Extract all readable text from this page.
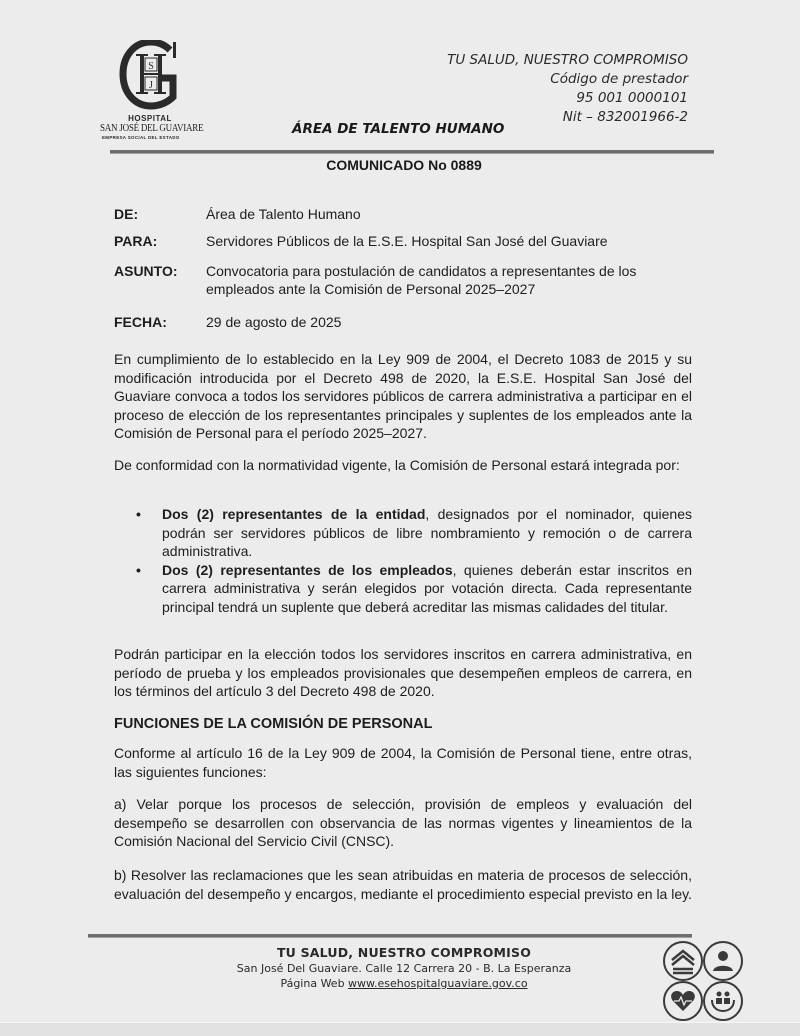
S
J
HOSPITAL
SAN JOSÉ DEL GUAVIARE
EMPRESA SOCIAL DEL ESTADO
TU SALUD, NUESTRO COMPROMISO
Código de prestador
95 001 0000101
Nit – 832001966-2
ÁREA DE TALENTO HUMANO
COMUNICADO No 0889
DE:	Área de Talento Humano
PARA:	Servidores Públicos de la E.S.E. Hospital San José del Guaviare
ASUNTO:	Convocatoria para postulación de candidatos a representantes de los empleados ante la Comisión de Personal 2025–2027
FECHA:	29 de agosto de 2025
En cumplimiento de lo establecido en la Ley 909 de 2004, el Decreto 1083 de 2015 y su modificación introducida por el Decreto 498 de 2020, la E.S.E. Hospital San José del Guaviare convoca a todos los servidores públicos de carrera administrativa a participar en el proceso de elección de los representantes principales y suplentes de los empleados ante la Comisión de Personal para el período 2025–2027.
De conformidad con la normatividad vigente, la Comisión de Personal estará integrada por:
• Dos (2) representantes de la entidad, designados por el nominador, quienes podrán ser servidores públicos de libre nombramiento y remoción o de carrera administrativa.
• Dos (2) representantes de los empleados, quienes deberán estar inscritos en carrera administrativa y serán elegidos por votación directa. Cada representante principal tendrá un suplente que deberá acreditar las mismas calidades del titular.
Podrán participar en la elección todos los servidores inscritos en carrera administrativa, en período de prueba y los empleados provisionales que desempeñen empleos de carrera, en los términos del artículo 3 del Decreto 498 de 2020.
FUNCIONES DE LA COMISIÓN DE PERSONAL
Conforme al artículo 16 de la Ley 909 de 2004, la Comisión de Personal tiene, entre otras, las siguientes funciones:
a) Velar porque los procesos de selección, provisión de empleos y evaluación del desempeño se desarrollen con observancia de las normas vigentes y lineamientos de la Comisión Nacional del Servicio Civil (CNSC).
b) Resolver las reclamaciones que les sean atribuidas en materia de procesos de selección, evaluación del desempeño y encargos, mediante el procedimiento especial previsto en la ley.
TU SALUD, NUESTRO COMPROMISO
San José Del Guaviare. Calle 12 Carrera 20 - B. La Esperanza
Página Web www.esehospitalguaviare.gov.co
